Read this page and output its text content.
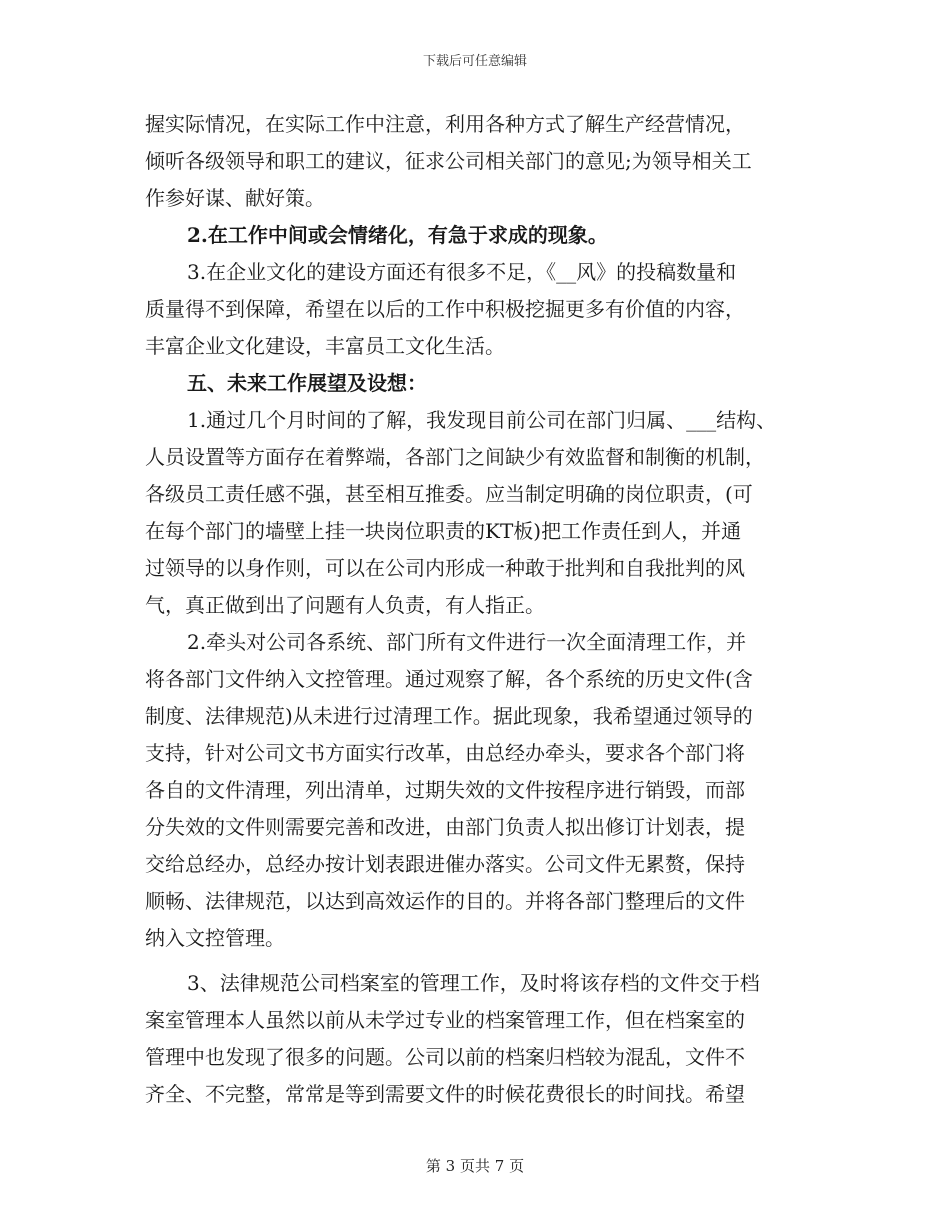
下载后可任意编辑
握实际情况，在实际工作中注意，利用各种方式了解生产经营情况，
倾听各级领导和职工的建议，征求公司相关部门的意见;为领导相关工
作参好谋、献好策。
2.在工作中间或会情绪化，有急于求成的现象。
3.在企业文化的建设方面还有很多不足，《__风》的投稿数量和
质量得不到保障，希望在以后的工作中积极挖掘更多有价值的内容，
丰富企业文化建设，丰富员工文化生活。
五、未来工作展望及设想：
1.通过几个月时间的了解，我发现目前公司在部门归属、___结构、
人员设置等方面存在着弊端，各部门之间缺少有效监督和制衡的机制，
各级员工责任感不强，甚至相互推委。应当制定明确的岗位职责，(可
在每个部门的墙壁上挂一块岗位职责的KT板)把工作责任到人，并通
过领导的以身作则，可以在公司内形成一种敢于批判和自我批判的风
气，真正做到出了问题有人负责，有人指正。
2.牵头对公司各系统、部门所有文件进行一次全面清理工作，并
将各部门文件纳入文控管理。通过观察了解，各个系统的历史文件(含
制度、法律规范)从未进行过清理工作。据此现象，我希望通过领导的
支持，针对公司文书方面实行改革，由总经办牵头，要求各个部门将
各自的文件清理，列出清单，过期失效的文件按程序进行销毁，而部
分失效的文件则需要完善和改进，由部门负责人拟出修订计划表，提
交给总经办，总经办按计划表跟进催办落实。公司文件无累赘，保持
顺畅、法律规范，以达到高效运作的目的。并将各部门整理后的文件
纳入文控管理。
3、法律规范公司档案室的管理工作，及时将该存档的文件交于档
案室管理本人虽然以前从未学过专业的档案管理工作，但在档案室的
管理中也发现了很多的问题。公司以前的档案归档较为混乱，文件不
齐全、不完整，常常是等到需要文件的时候花费很长的时间找。希望
第 3 页共 7 页
